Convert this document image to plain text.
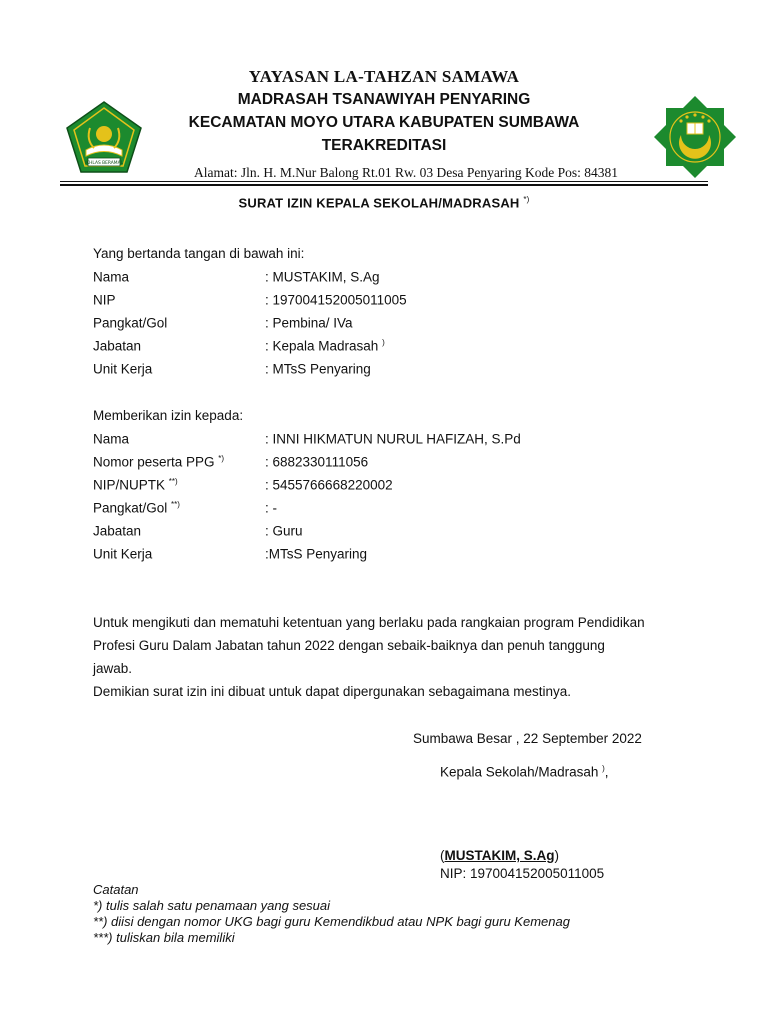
IKHLAS BERAMAL
YAYASAN LA-TAHZAN SAMAWA
MADRASAH TSANAWIYAH PENYARING
KECAMATAN MOYO UTARA KABUPATEN SUMBAWA
TERAKREDITASI
Alamat: Jln. H. M.Nur Balong Rt.01 Rw. 03 Desa Penyaring Kode Pos: 84381
SURAT IZIN KEPALA SEKOLAH/MADRASAH *)
Yang bertanda tangan di bawah ini:
Nama	: MUSTAKIM, S.Ag
NIP	: 197004152005011005
Pangkat/Gol	: Pembina/ IVa
Jabatan	: Kepala Madrasah )
Unit Kerja	: MTsS Penyaring
Memberikan izin kepada:
Nama	: INNI HIKMATUN NURUL HAFIZAH, S.Pd
Nomor peserta PPG *)	: 6882330111056
NIP/NUPTK **)	: 5455766668220002
Pangkat/Gol **)	: -
Jabatan	: Guru
Unit Kerja	:MTsS Penyaring
Untuk mengikuti dan mematuhi ketentuan yang berlaku pada rangkaian program Pendidikan
Profesi Guru Dalam Jabatan tahun 2022 dengan sebaik-baiknya dan penuh tanggung
jawab.
Demikian surat izin ini dibuat untuk dapat dipergunakan sebagaimana mestinya.
Sumbawa Besar , 22 September 2022
Kepala Sekolah/Madrasah ),
(MUSTAKIM, S.Ag)
NIP: 197004152005011005
Catatan
*) tulis salah satu penamaan yang sesuai
**) diisi dengan nomor UKG bagi guru Kemendikbud atau NPK bagi guru Kemenag
***) tuliskan bila memiliki
